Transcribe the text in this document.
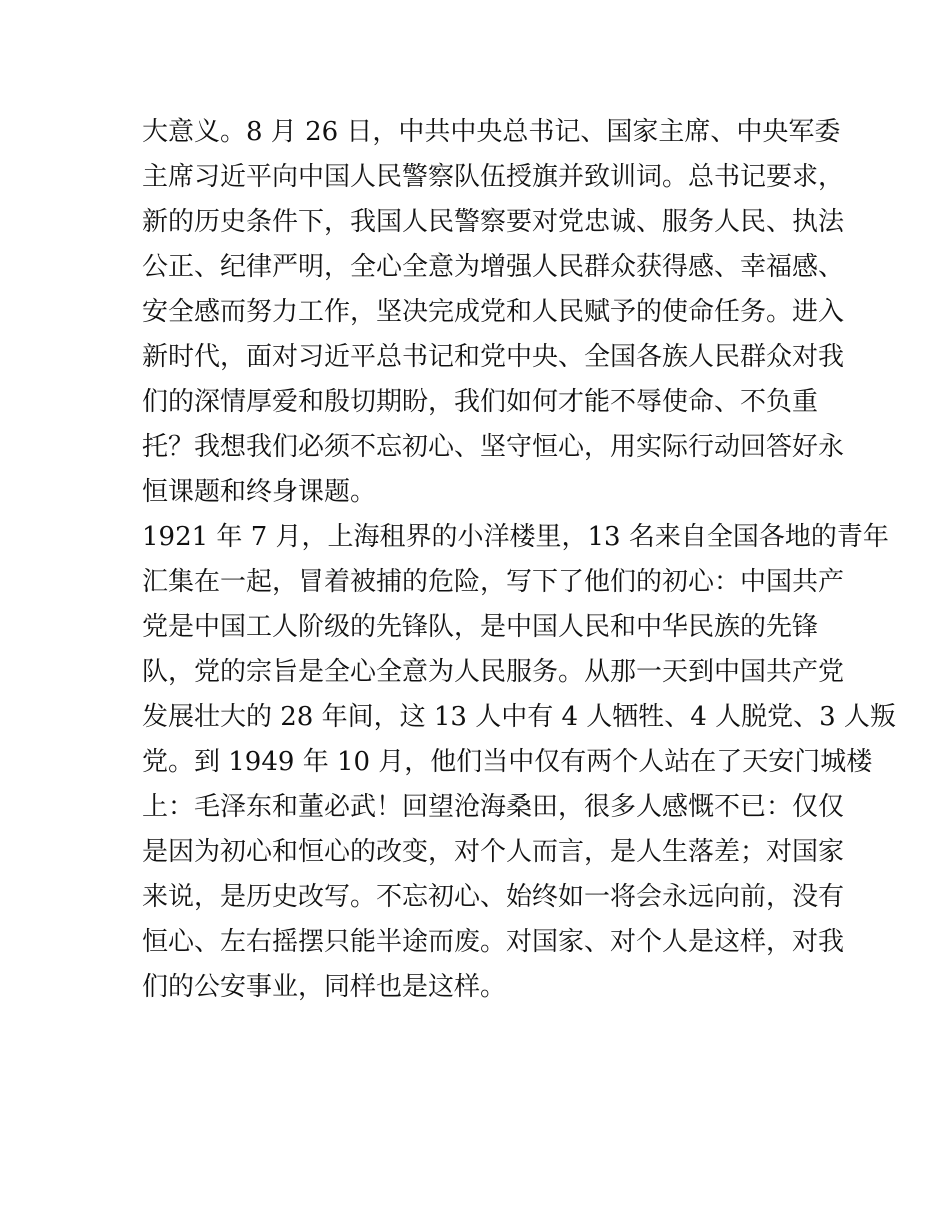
大意义。8 月 26 日，中共中央总书记、国家主席、中央军委
主席习近平向中国人民警察队伍授旗并致训词。总书记要求，
新的历史条件下，我国人民警察要对党忠诚、服务人民、执法
公正、纪律严明，全心全意为增强人民群众获得感、幸福感、
安全感而努力工作，坚决完成党和人民赋予的使命任务。进入
新时代，面对习近平总书记和党中央、全国各族人民群众对我
们的深情厚爱和殷切期盼，我们如何才能不辱使命、不负重
托？我想我们必须不忘初心、坚守恒心，用实际行动回答好永
恒课题和终身课题。
1921 年 7 月，上海租界的小洋楼里，13 名来自全国各地的青年
汇集在一起，冒着被捕的危险，写下了他们的初心：中国共产
党是中国工人阶级的先锋队，是中国人民和中华民族的先锋
队，党的宗旨是全心全意为人民服务。从那一天到中国共产党
发展壮大的 28 年间，这 13 人中有 4 人牺牲、4 人脱党、3 人叛
党。到 1949 年 10 月，他们当中仅有两个人站在了天安门城楼
上：毛泽东和董必武！回望沧海桑田，很多人感慨不已：仅仅
是因为初心和恒心的改变，对个人而言，是人生落差；对国家
来说，是历史改写。不忘初心、始终如一将会永远向前，没有
恒心、左右摇摆只能半途而废。对国家、对个人是这样，对我
们的公安事业，同样也是这样。
